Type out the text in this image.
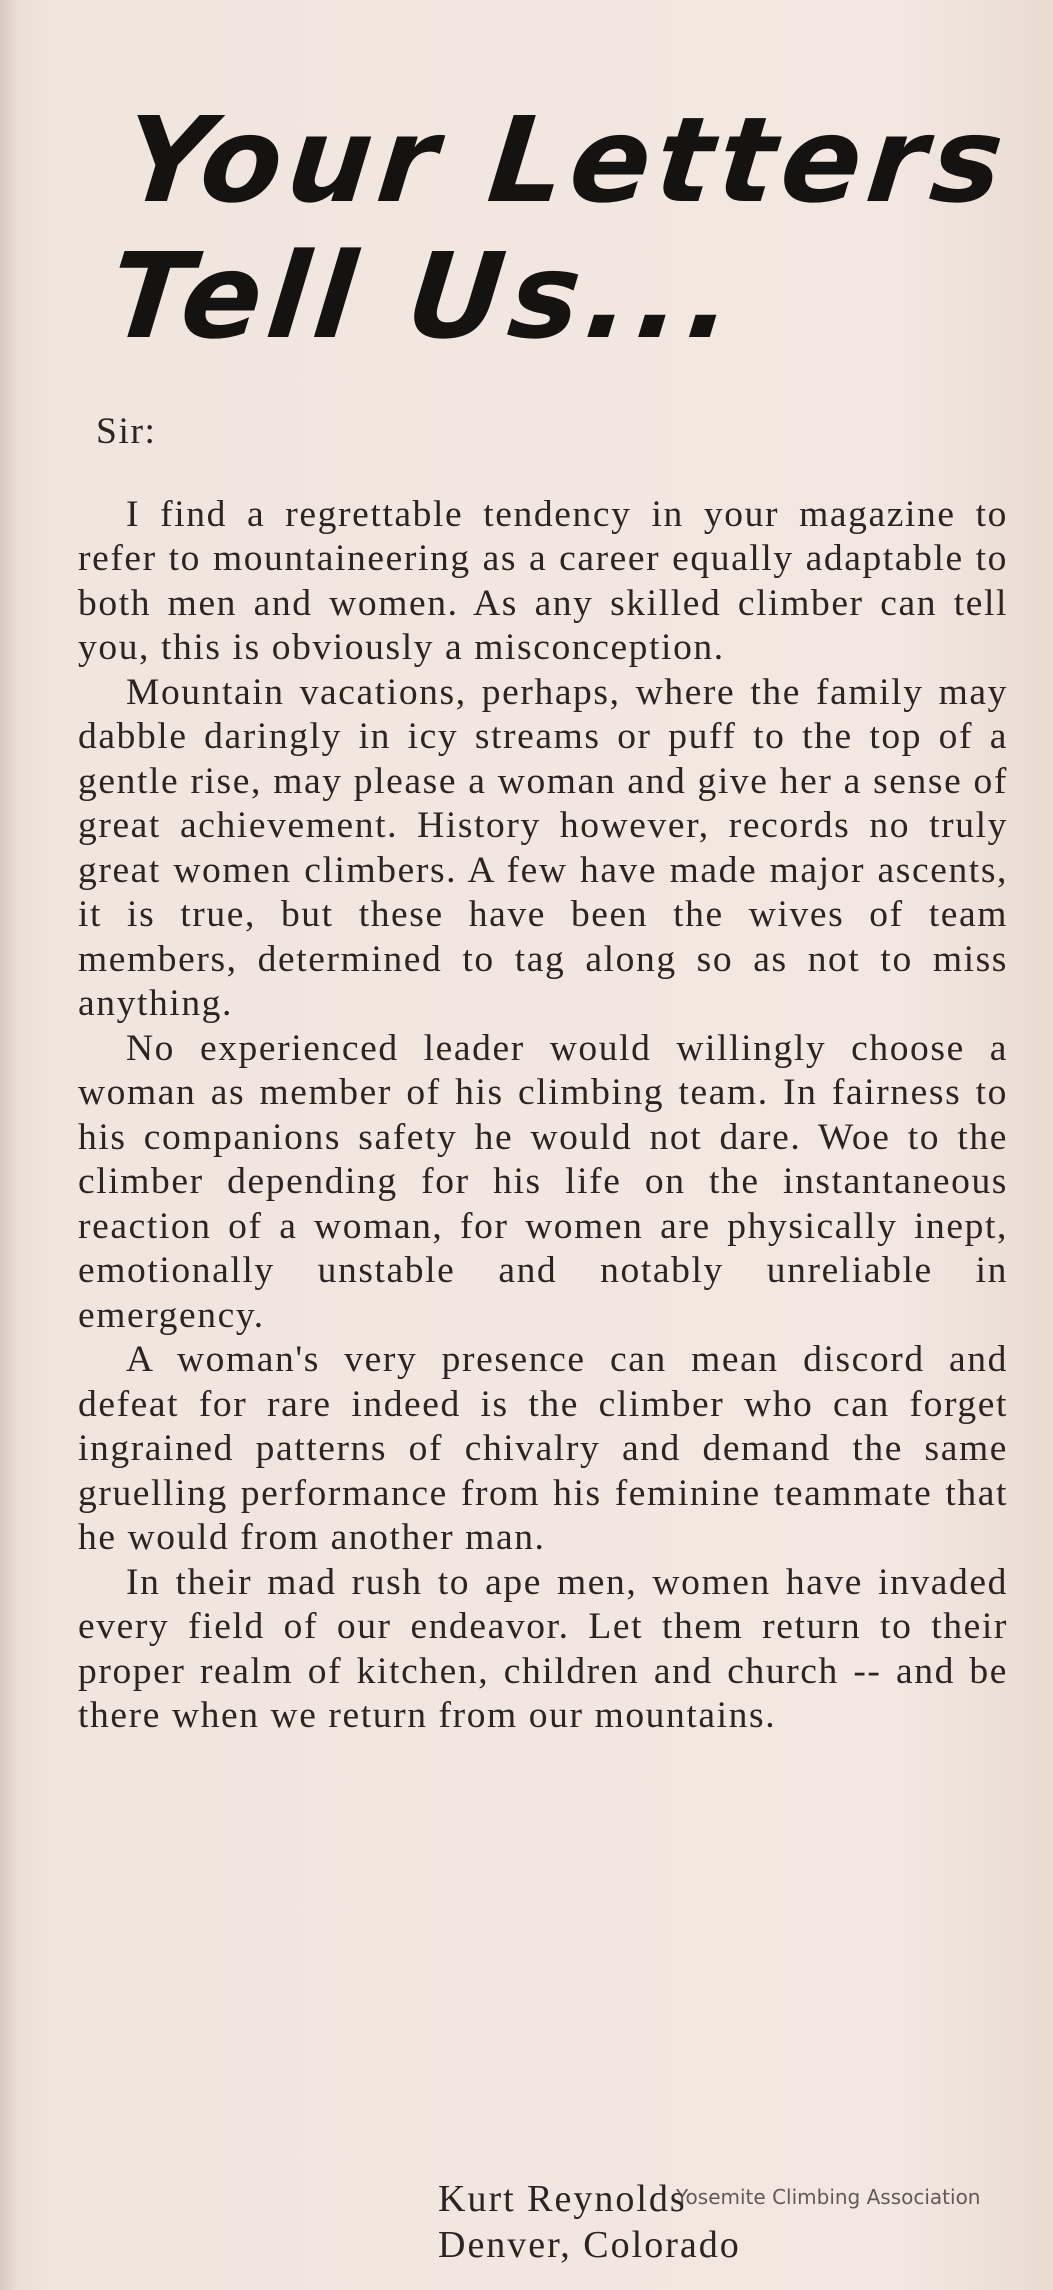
Your Letters
Tell Us...

Sir:

I find a regrettable tendency in your magazine to refer to mountaineering as a career equally adaptable to both men and women. As any skilled climber can tell you, this is obviously a misconception.

Mountain vacations, perhaps, where the family may dabble daringly in icy streams or puff to the top of a gentle rise, may please a woman and give her a sense of great achievement. History however, records no truly great women climbers. A few have made major ascents, it is true, but these have been the wives of team members, determined to tag along so as not to miss anything.

No experienced leader would willingly choose a woman as member of his climbing team. In fairness to his companions safety he would not dare. Woe to the climber depending for his life on the instantaneous reaction of a woman, for women are physically inept, emotionally unstable and notably unreliable in emergency.

A woman's very presence can mean discord and defeat for rare indeed is the climber who can forget ingrained patterns of chivalry and demand the same gruelling performance from his feminine teammate that he would from another man.

In their mad rush to ape men, women have invaded every field of our endeavor. Let them return to their proper realm of kitchen, children and church -- and be there when we return from our mountains.

Kurt Reynolds
Denver, Colorado
Yosemite Climbing Association
